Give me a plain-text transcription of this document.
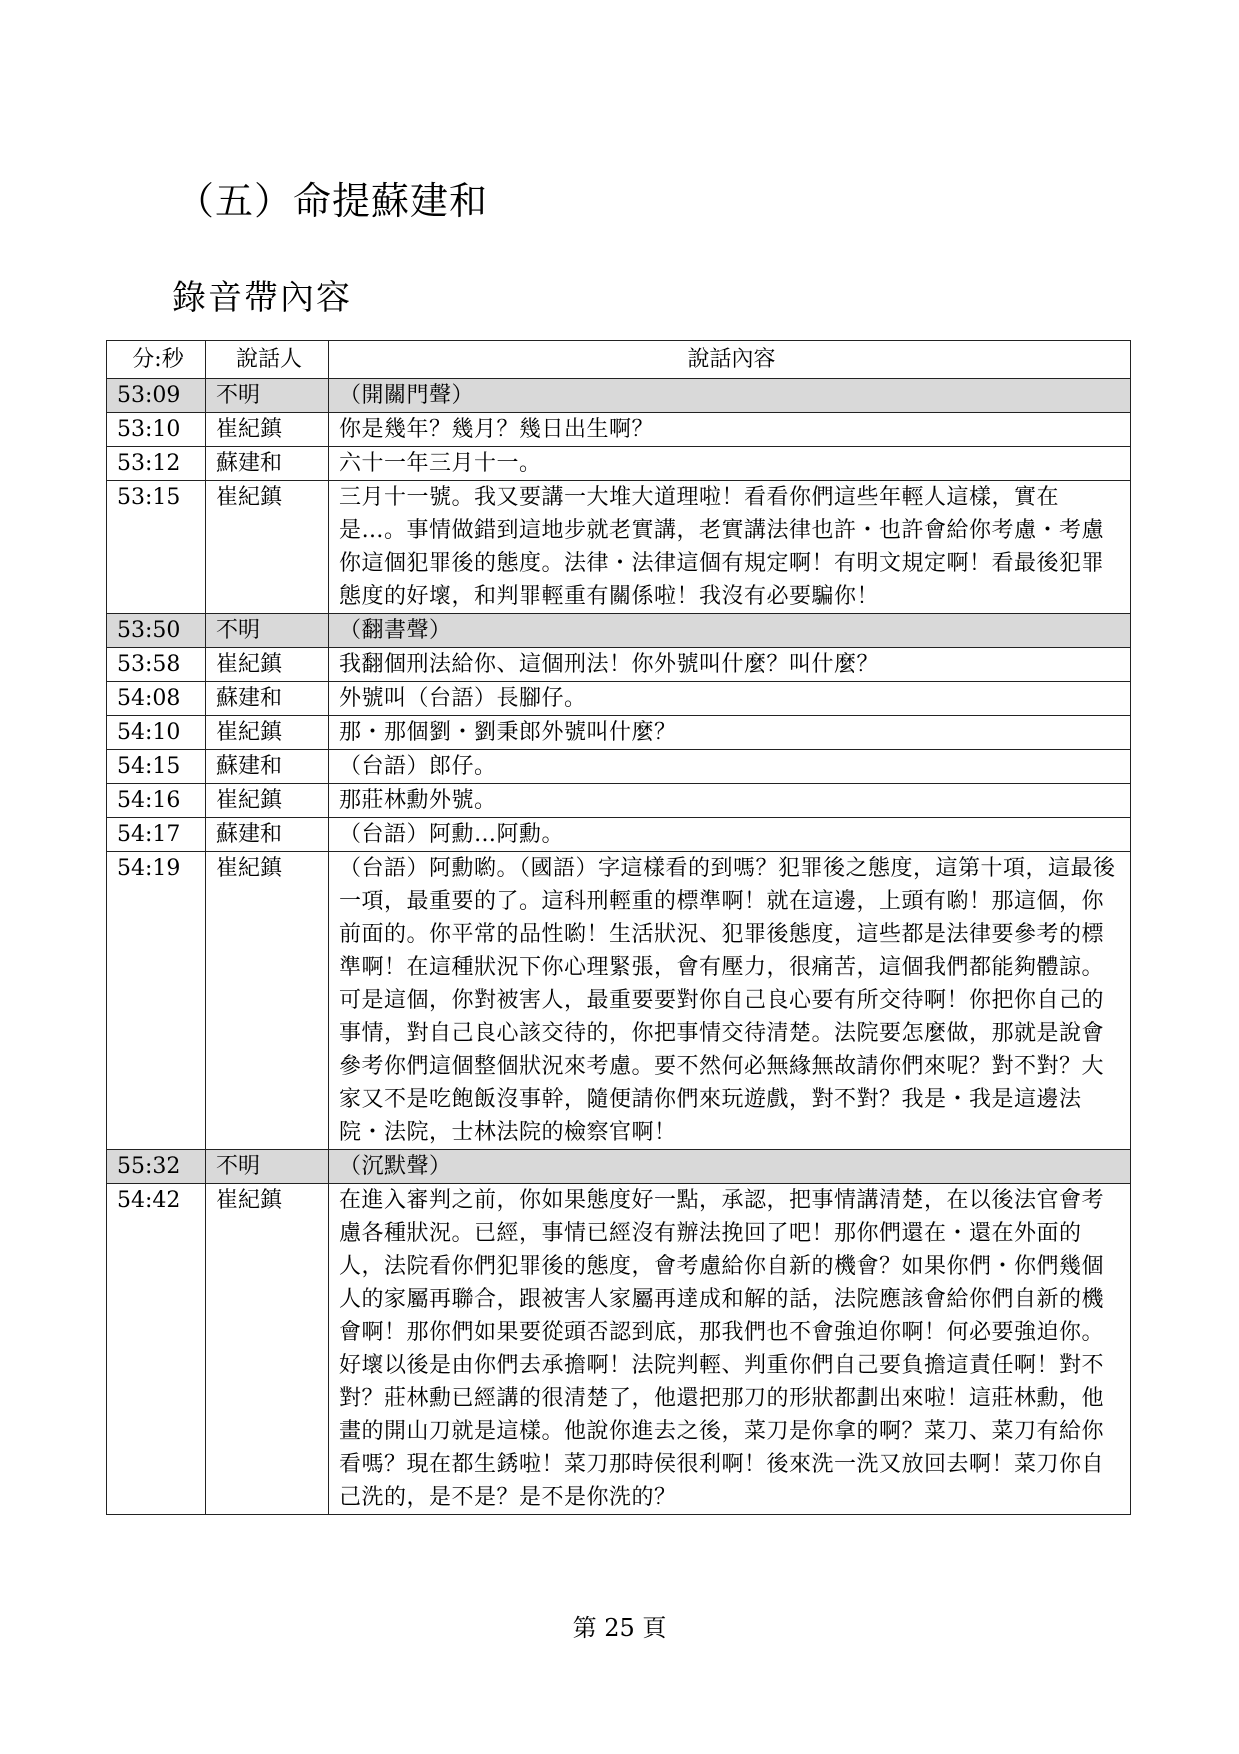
（五）命提蘇建和
錄音帶內容
分:秒	說話人	說話內容
53:09	不明	（開關門聲）
53:10	崔紀鎮	你是幾年？幾月？幾日出生啊？
53:12	蘇建和	六十一年三月十一。
53:15	崔紀鎮	三月十一號。我又要講一大堆大道理啦！看看你們這些年輕人這樣，實在是…。事情做錯到這地步就老實講，老實講法律也許・也許會給你考慮・考慮你這個犯罪後的態度。法律・法律這個有規定啊！有明文規定啊！看最後犯罪態度的好壞，和判罪輕重有關係啦！我沒有必要騙你！
53:50	不明	（翻書聲）
53:58	崔紀鎮	我翻個刑法給你、這個刑法！你外號叫什麼？叫什麼？
54:08	蘇建和	外號叫（台語）長腳仔。
54:10	崔紀鎮	那・那個劉・劉秉郎外號叫什麼？
54:15	蘇建和	（台語）郎仔。
54:16	崔紀鎮	那莊林勳外號。
54:17	蘇建和	（台語）阿勳…阿勳。
54:19	崔紀鎮	（台語）阿勳喲。（國語）字這樣看的到嗎？犯罪後之態度，這第十項，這最後一項，最重要的了。這科刑輕重的標準啊！就在這邊，上頭有喲！那這個，你前面的。你平常的品性喲！生活狀況、犯罪後態度，這些都是法律要參考的標準啊！在這種狀況下你心理緊張，會有壓力，很痛苦，這個我們都能夠體諒。可是這個，你對被害人，最重要要對你自己良心要有所交待啊！你把你自己的事情，對自己良心該交待的，你把事情交待清楚。法院要怎麼做，那就是說會參考你們這個整個狀況來考慮。要不然何必無緣無故請你們來呢？對不對？大家又不是吃飽飯沒事幹，隨便請你們來玩遊戲，對不對？我是・我是這邊法院・法院，士林法院的檢察官啊！
55:32	不明	（沉默聲）
54:42	崔紀鎮	在進入審判之前，你如果態度好一點，承認，把事情講清楚，在以後法官會考慮各種狀況。已經，事情已經沒有辦法挽回了吧！那你們還在・還在外面的人，法院看你們犯罪後的態度，會考慮給你自新的機會？如果你們・你們幾個人的家屬再聯合，跟被害人家屬再達成和解的話，法院應該會給你們自新的機會啊！那你們如果要從頭否認到底，那我們也不會強迫你啊！何必要強迫你。好壞以後是由你們去承擔啊！法院判輕、判重你們自己要負擔這責任啊！對不對？莊林勳已經講的很清楚了，他還把那刀的形狀都劃出來啦！這莊林勳，他畫的開山刀就是這樣。他說你進去之後，菜刀是你拿的啊？菜刀、菜刀有給你看嗎？現在都生銹啦！菜刀那時侯很利啊！後來洗一洗又放回去啊！菜刀你自己洗的，是不是？是不是你洗的？
第 25 頁
